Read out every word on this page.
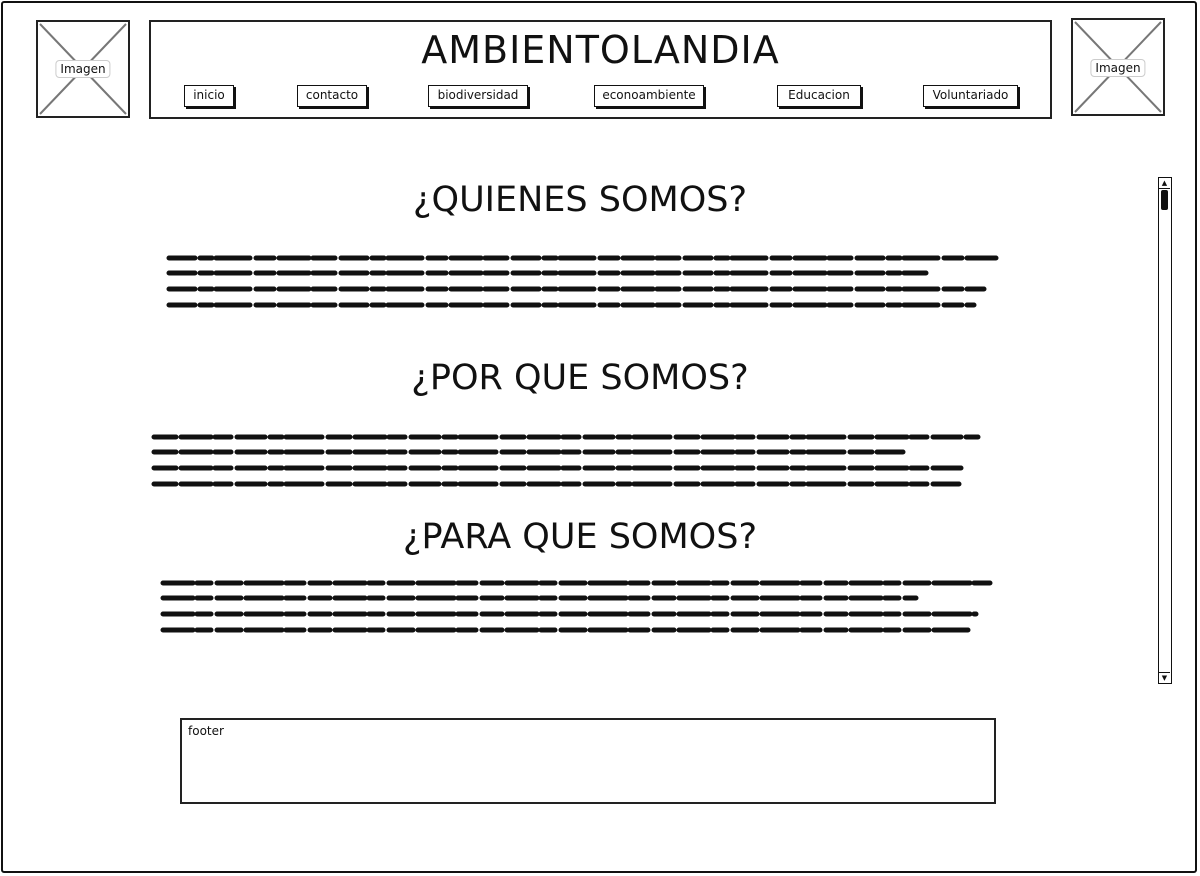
Imagen	AMBIENTOLANDIA
inicio	contacto	biodiversidad	econoambiente	Educacion	Voluntariado
Imagen
¿QUIENES SOMOS?
¿POR QUE SOMOS?
¿PARA QUE SOMOS?
▲
▼
footer
